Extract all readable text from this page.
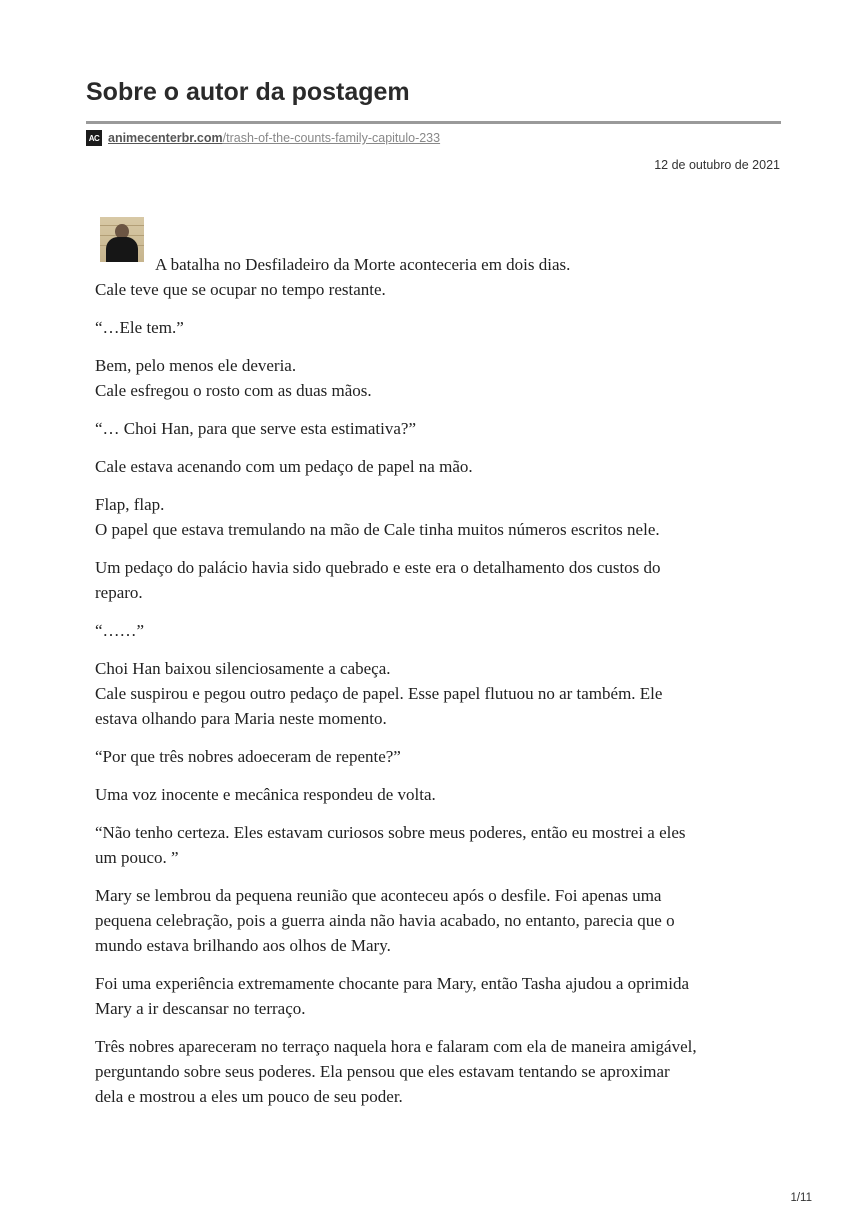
Sobre o autor da postagem
AC animecenterbr.com /trash-of-the-counts-family-capitulo-233
12 de outubro de 2021

A batalha no Desfiladeiro da Morte aconteceria em dois dias.
Cale teve que se ocupar no tempo restante.

“…Ele tem.”

Bem, pelo menos ele deveria.
Cale esfregou o rosto com as duas mãos.

“… Choi Han, para que serve esta estimativa?”

Cale estava acenando com um pedaço de papel na mão.

Flap, flap.
O papel que estava tremulando na mão de Cale tinha muitos números escritos nele.

Um pedaço do palácio havia sido quebrado e este era o detalhamento dos custos do
reparo.

“……”

Choi Han baixou silenciosamente a cabeça.
Cale suspirou e pegou outro pedaço de papel. Esse papel flutuou no ar também. Ele
estava olhando para Maria neste momento.

“Por que três nobres adoeceram de repente?”

Uma voz inocente e mecânica respondeu de volta.

“Não tenho certeza. Eles estavam curiosos sobre meus poderes, então eu mostrei a eles
um pouco. ”

Mary se lembrou da pequena reunião que aconteceu após o desfile. Foi apenas uma
pequena celebração, pois a guerra ainda não havia acabado, no entanto, parecia que o
mundo estava brilhando aos olhos de Mary.

Foi uma experiência extremamente chocante para Mary, então Tasha ajudou a oprimida
Mary a ir descansar no terraço.

Três nobres apareceram no terraço naquela hora e falaram com ela de maneira amigável,
perguntando sobre seus poderes. Ela pensou que eles estavam tentando se aproximar
dela e mostrou a eles um pouco de seu poder.

1/11
